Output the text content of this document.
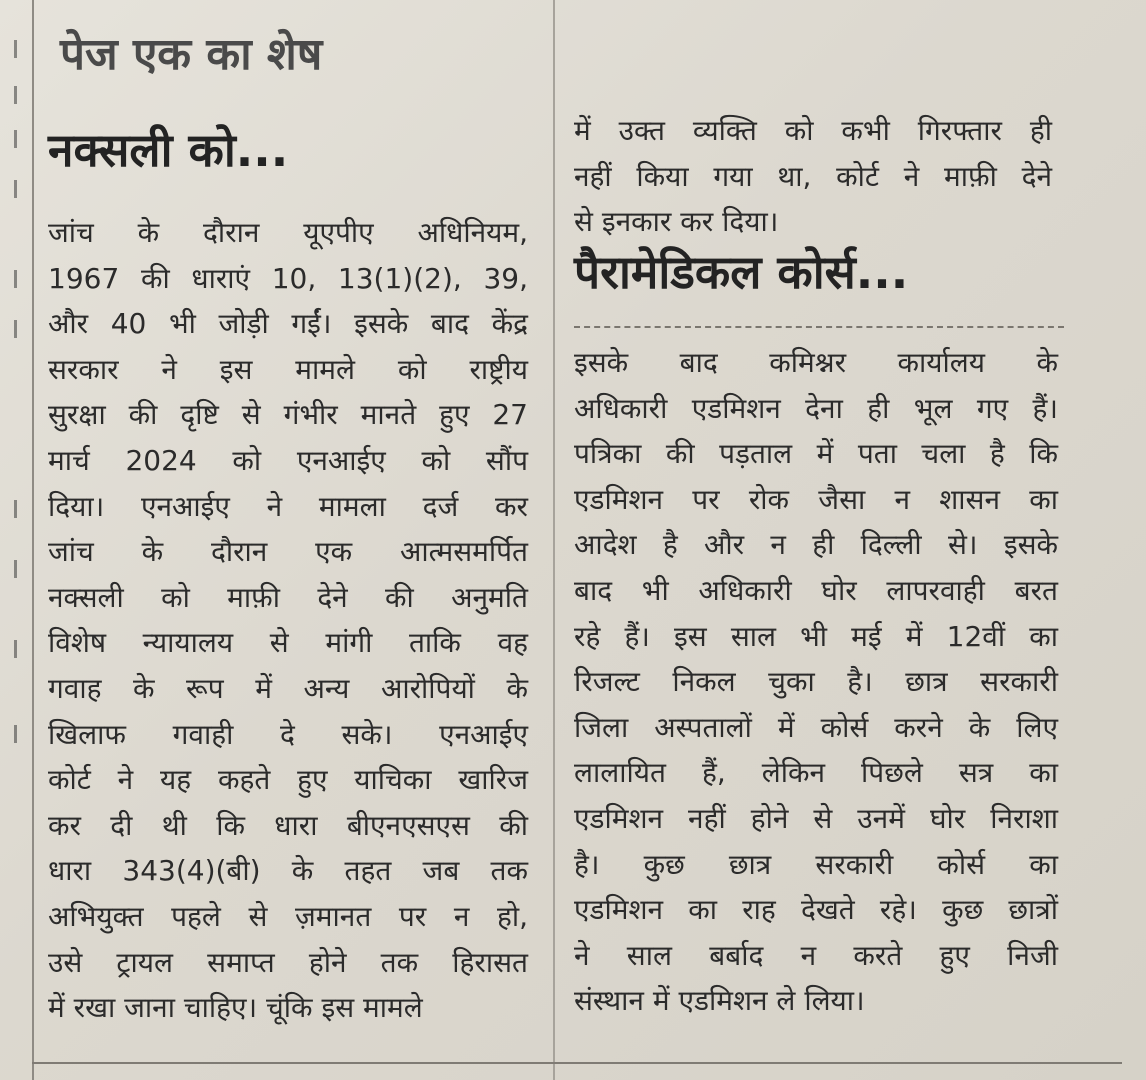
पेज एक का शेष
नक्सली को...
जांच के दौरान यूएपीए अधिनियम,
1967 की धाराएं 10, 13(1)(2), 39,
और 40 भी जोड़ी गईं। इसके बाद केंद्र
सरकार ने इस मामले को राष्ट्रीय
सुरक्षा की दृष्टि से गंभीर मानते हुए 27
मार्च 2024 को एनआईए को सौंप
दिया। एनआईए ने मामला दर्ज कर
जांच के दौरान एक आत्मसमर्पित
नक्सली को माफ़ी देने की अनुमति
विशेष न्यायालय से मांगी ताकि वह
गवाह के रूप में अन्य आरोपियों के
खिलाफ गवाही दे सके। एनआईए
कोर्ट ने यह कहते हुए याचिका खारिज
कर दी थी कि धारा बीएनएसएस की
धारा 343(4)(बी) के तहत जब तक
अभियुक्त पहले से ज़मानत पर न हो,
उसे ट्रायल समाप्त होने तक हिरासत
में रखा जाना चाहिए। चूंकि इस मामले
में उक्त व्यक्ति को कभी गिरफ्तार ही
नहीं किया गया था, कोर्ट ने माफ़ी देने
से इनकार कर दिया।
पैरामेडिकल कोर्स...
इसके बाद कमिश्नर कार्यालय के
अधिकारी एडमिशन देना ही भूल गए हैं।
पत्रिका की पड़ताल में पता चला है कि
एडमिशन पर रोक जैसा न शासन का
आदेश है और न ही दिल्ली से। इसके
बाद भी अधिकारी घोर लापरवाही बरत
रहे हैं। इस साल भी मई में 12वीं का
रिजल्ट निकल चुका है। छात्र सरकारी
जिला अस्पतालों में कोर्स करने के लिए
लालायित हैं, लेकिन पिछले सत्र का
एडमिशन नहीं होने से उनमें घोर निराशा
है। कुछ छात्र सरकारी कोर्स का
एडमिशन का राह देखते रहे। कुछ छात्रों
ने साल बर्बाद न करते हुए निजी
संस्थान में एडमिशन ले लिया।
